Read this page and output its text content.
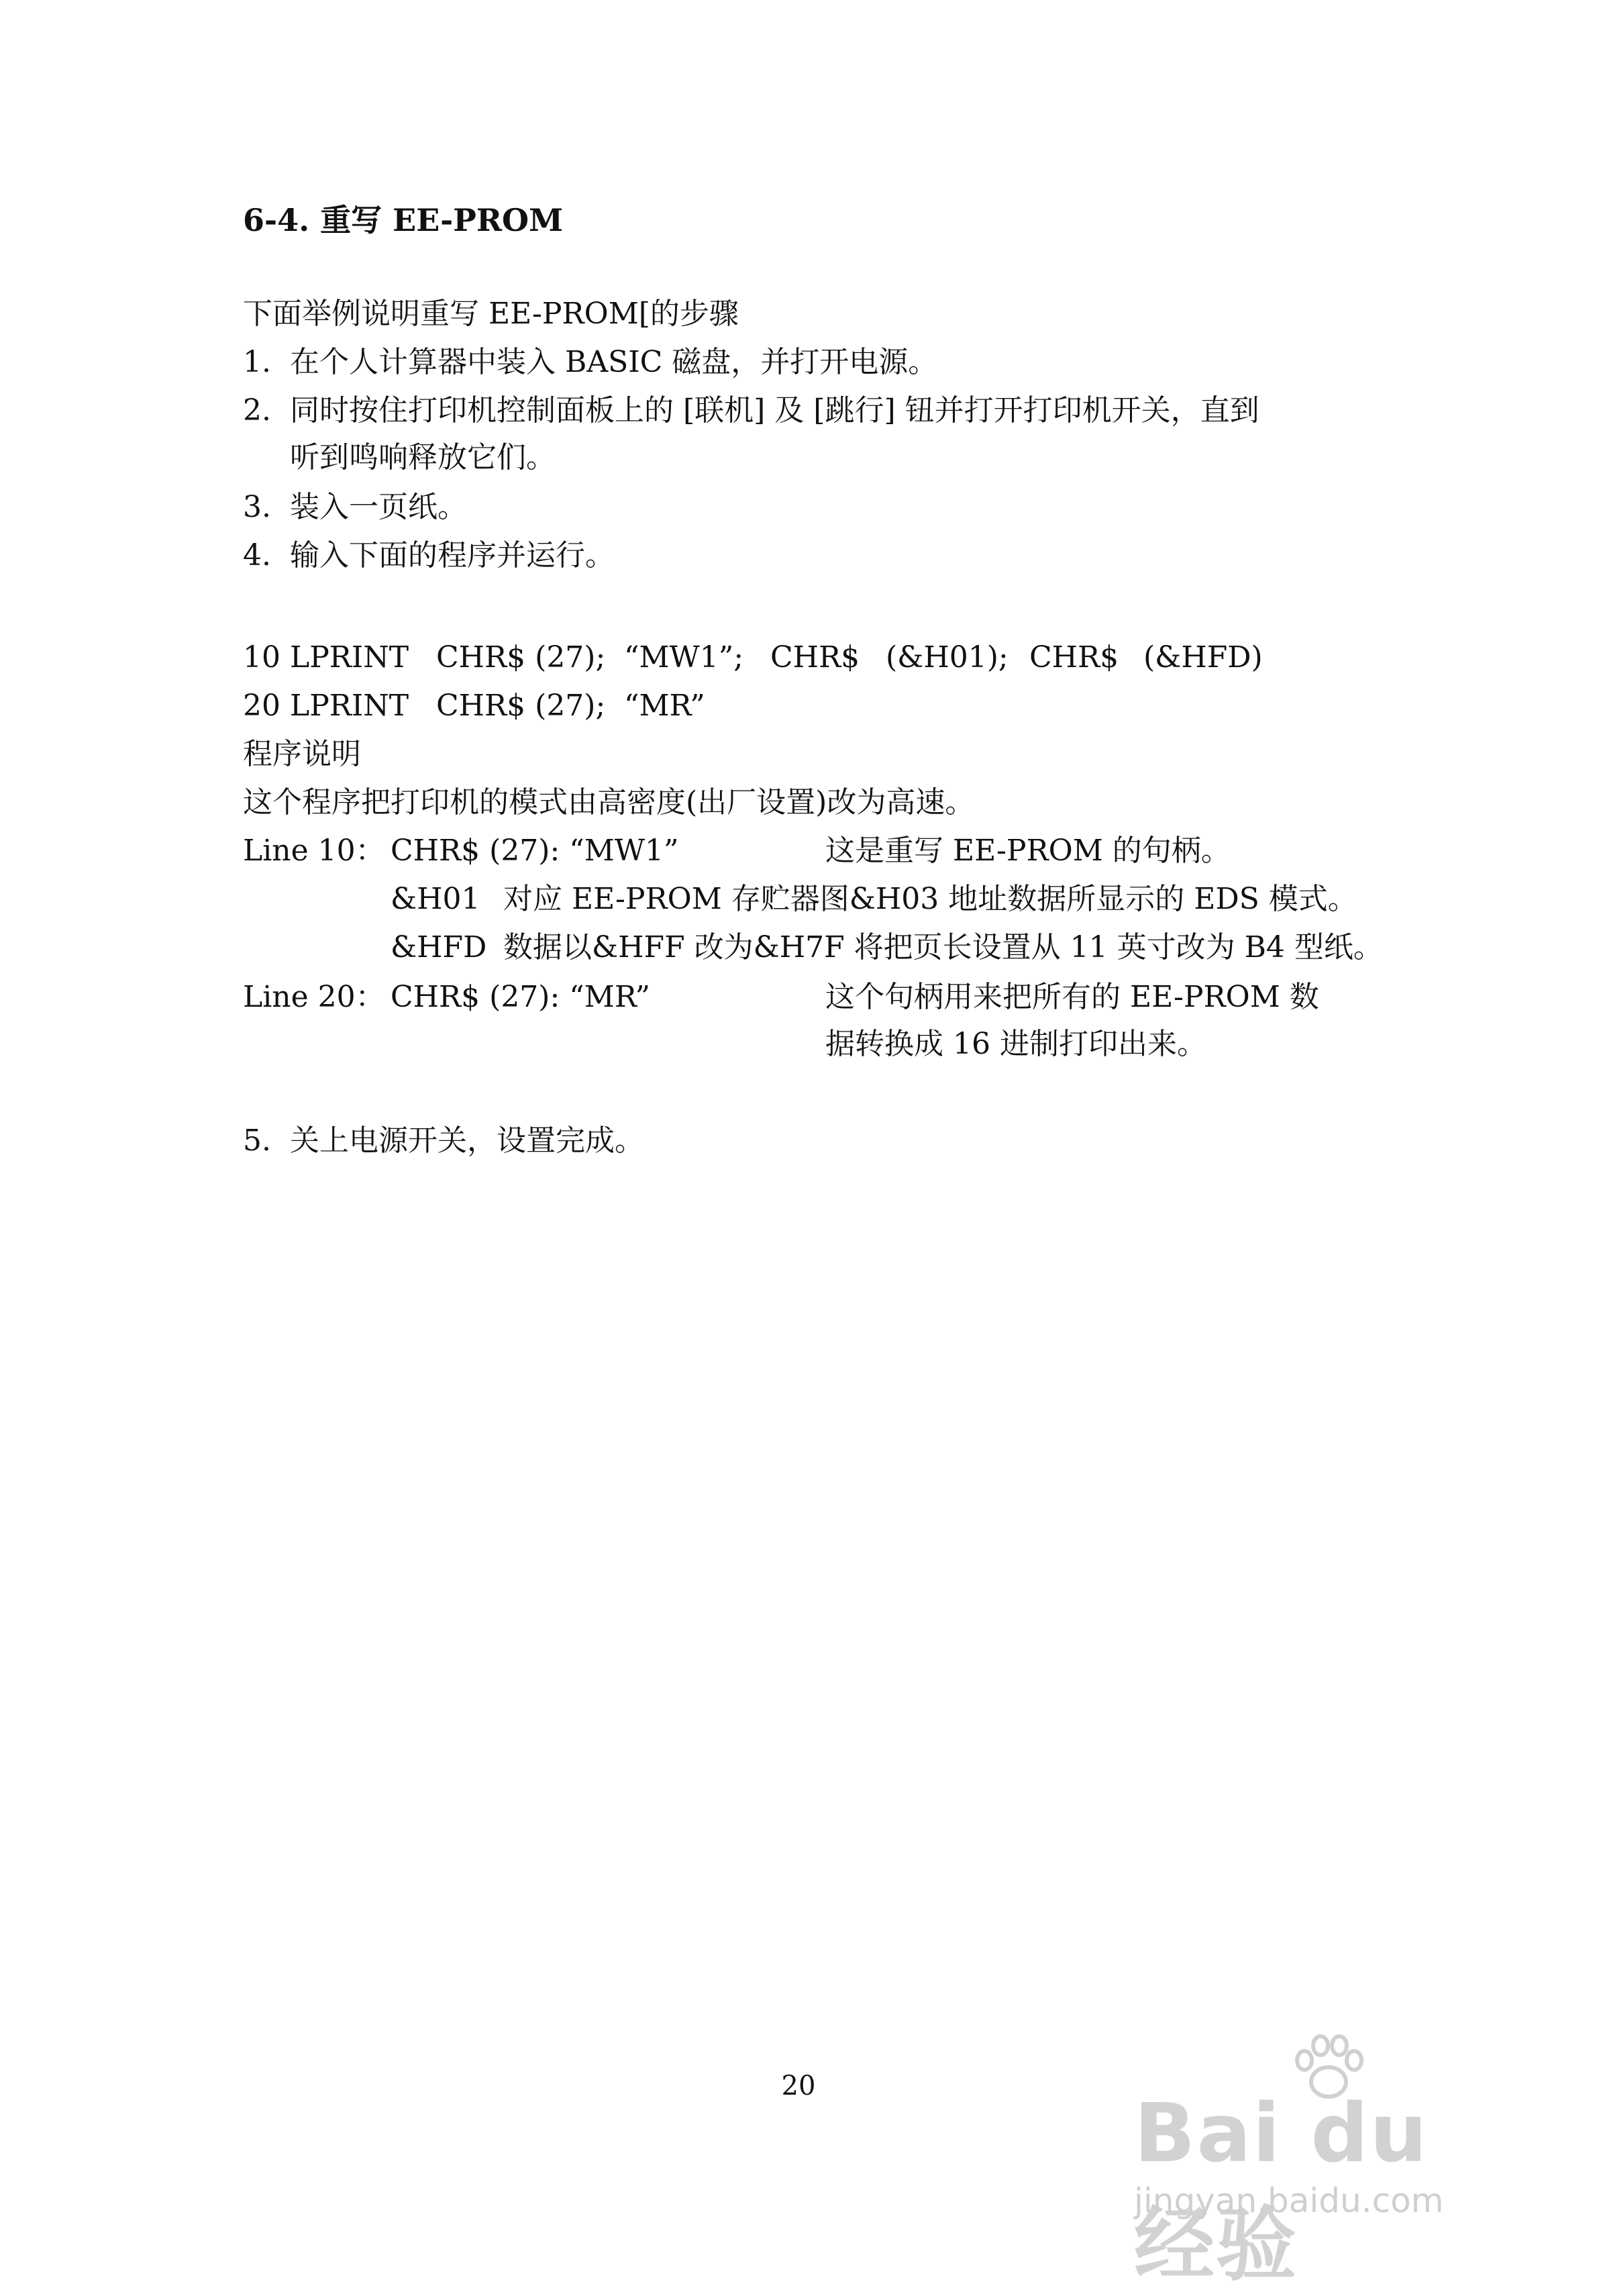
6-4. 重写 EE-PROM
下面举例说明重写 EE-PROM[的步骤
1. 在个人计算器中装入 BASIC 磁盘，并打开电源。
2. 同时按住打印机控制面板上的 [联机] 及 [跳行] 钮并打开打印机开关，直到
听到鸣响释放它们。
3. 装入一页纸。
4. 输入下面的程序并运行。
10 LPRINT CHR$ (27); “MW1”; CHR$ (&H01); CHR$ (&HFD)
20 LPRINT CHR$ (27); “MR”
程序说明
这个程序把打印机的模式由高密度(出厂设置)改为高速。
Line 10： CHR$ (27): “MW1”	这是重写 EE-PROM 的句柄。
&H01 对应 EE-PROM 存贮器图&H03 地址数据所显示的 EDS 模式。
&HFD 数据以&HFF 改为&H7F 将把页长设置从 11 英寸改为 B4 型纸。
Line 20： CHR$ (27): “MR”	这个句柄用来把所有的 EE-PROM 数
据转换成 16 进制打印出来。
5. 关上电源开关，设置完成。
20
Bai du 经验
jingyan.baidu.com
